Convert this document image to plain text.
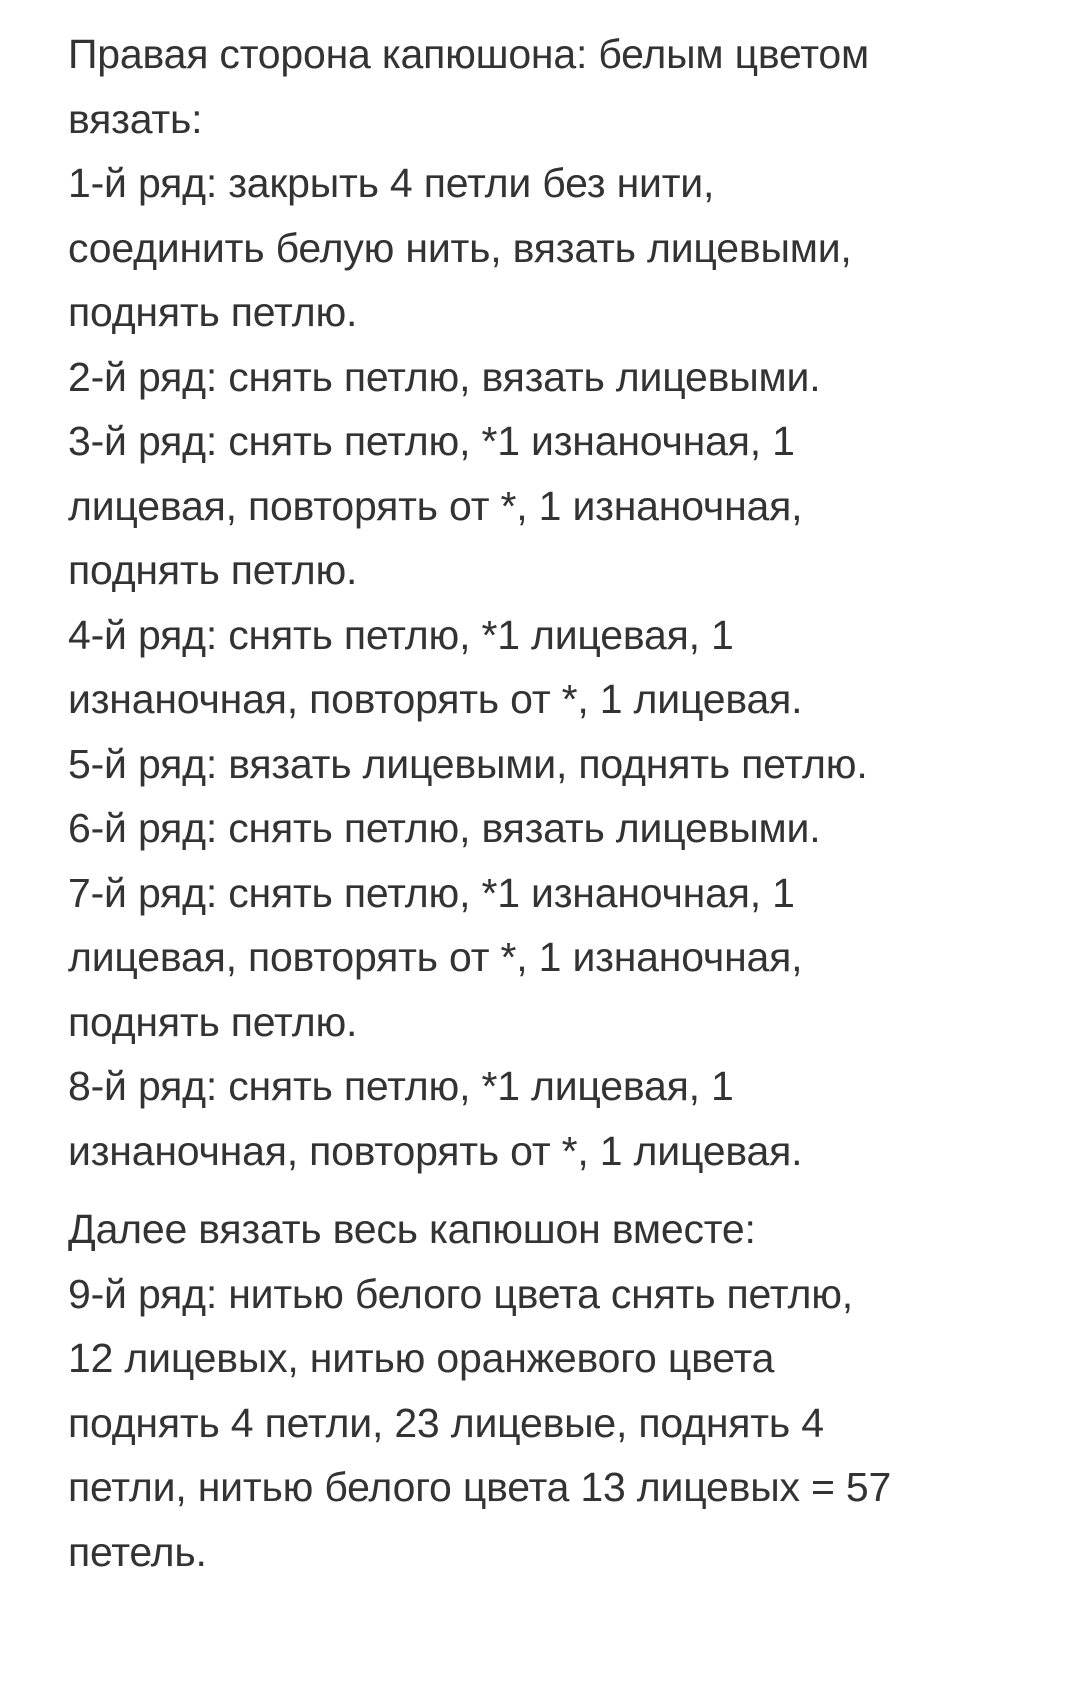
Правая сторона капюшона: белым цветом
вязать:
1-й ряд: закрыть 4 петли без нити,
соединить белую нить, вязать лицевыми,
поднять петлю.
2-й ряд: снять петлю, вязать лицевыми.
3-й ряд: снять петлю, *1 изнаночная, 1
лицевая, повторять от *, 1 изнаночная,
поднять петлю.
4-й ряд: снять петлю, *1 лицевая, 1
изнаночная, повторять от *, 1 лицевая.
5-й ряд: вязать лицевыми, поднять петлю.
6-й ряд: снять петлю, вязать лицевыми.
7-й ряд: снять петлю, *1 изнаночная, 1
лицевая, повторять от *, 1 изнаночная,
поднять петлю.
8-й ряд: снять петлю, *1 лицевая, 1
изнаночная, повторять от *, 1 лицевая.
Далее вязать весь капюшон вместе:
9-й ряд: нитью белого цвета снять петлю,
12 лицевых, нитью оранжевого цвета
поднять 4 петли, 23 лицевые, поднять 4
петли, нитью белого цвета 13 лицевых = 57
петель.
